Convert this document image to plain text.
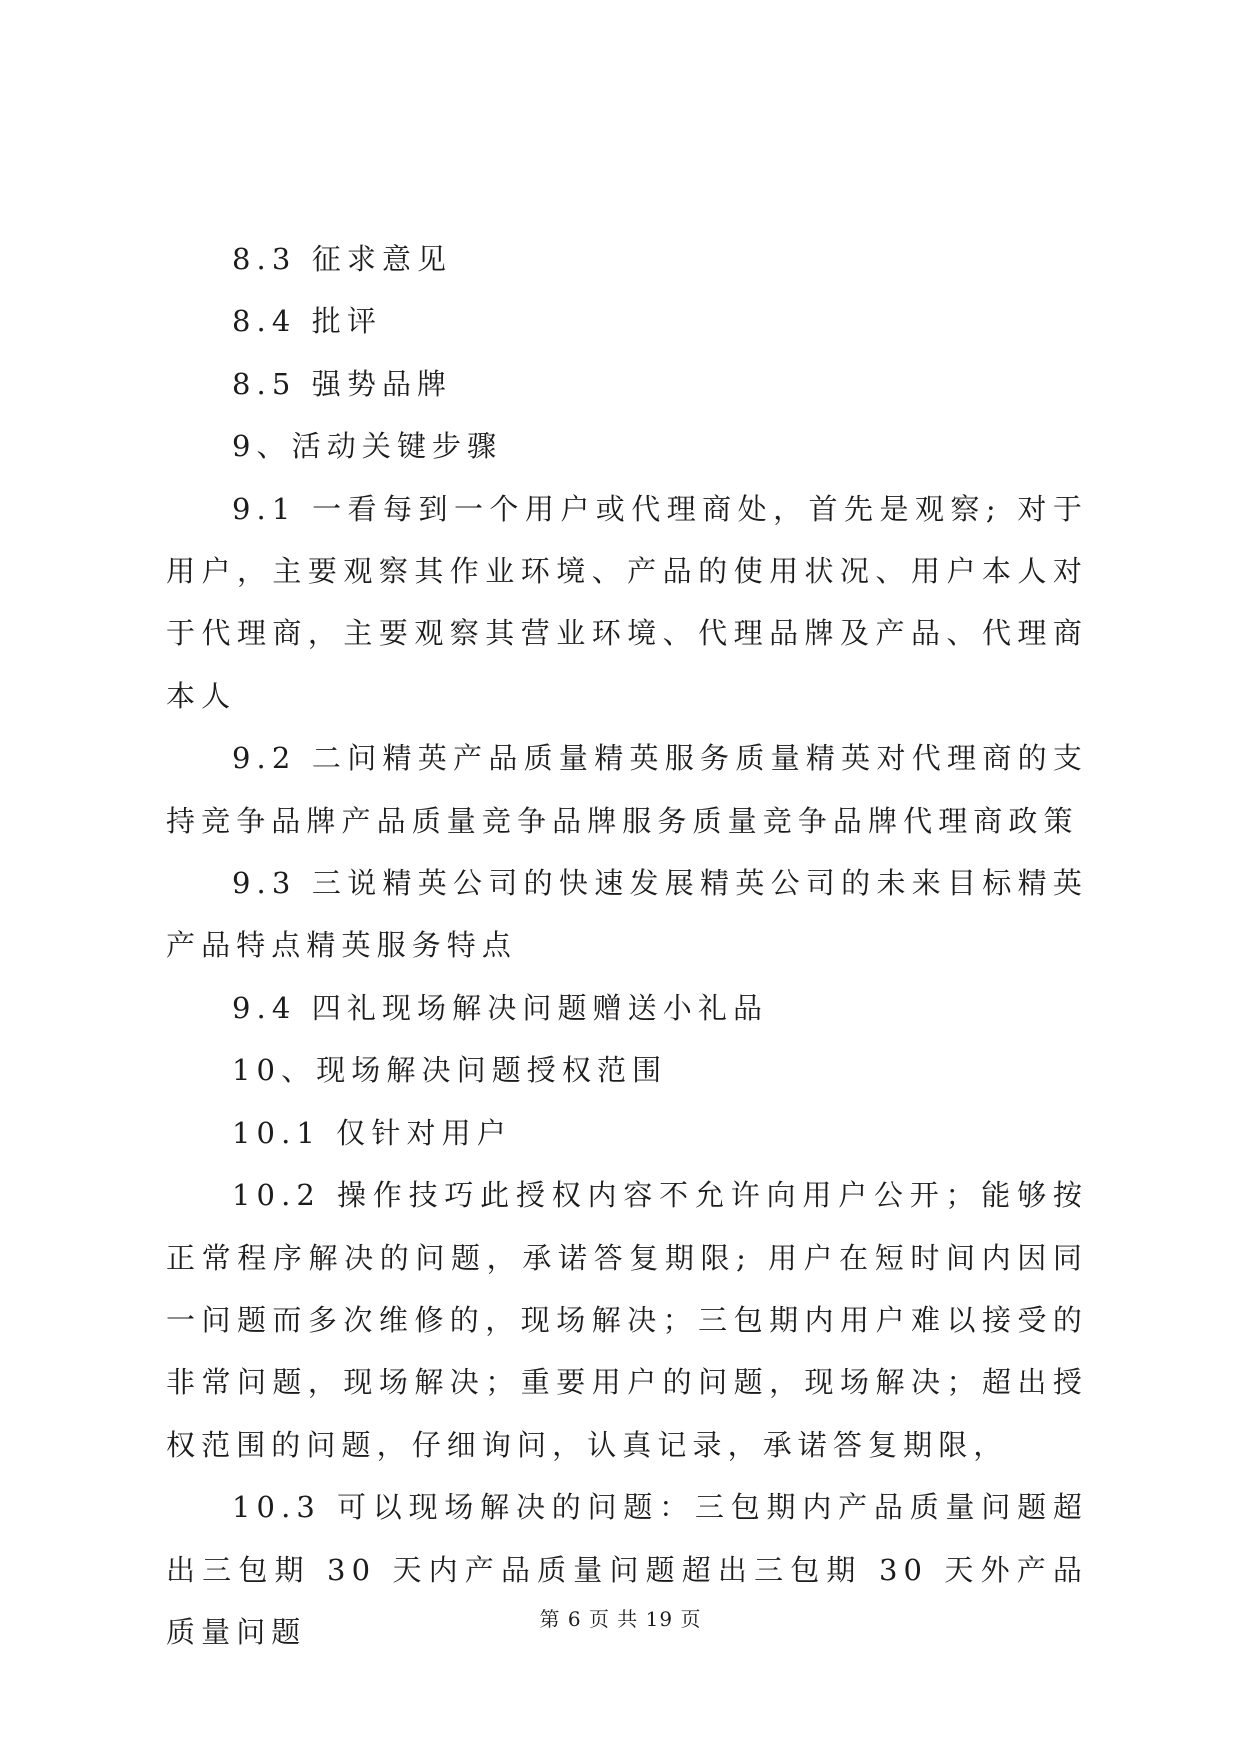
8.3 征求意见

8.4 批评

8.5 强势品牌

9、活动关键步骤

9.1 一看每到一个用户或代理商处，首先是观察; 对于用户，主要观察其作业环境、产品的使用状况、用户本人对于代理商，主要观察其营业环境、代理品牌及产品、代理商本人

9.2 二问精英产品质量精英服务质量精英对代理商的支持竞争品牌产品质量竞争品牌服务质量竞争品牌代理商政策

9.3 三说精英公司的快速发展精英公司的未来目标精英产品特点精英服务特点

9.4 四礼现场解决问题赠送小礼品

10、现场解决问题授权范围

10.1 仅针对用户

10.2 操作技巧此授权内容不允许向用户公开；能够按正常程序解决的问题，承诺答复期限; 用户在短时间内因同一问题而多次维修的，现场解决；三包期内用户难以接受的非常问题，现场解决；重要用户的问题，现场解决；超出授权范围的问题，仔细询问，认真记录，承诺答复期限，

10.3 可以现场解决的问题：三包期内产品质量问题超出三包期 30 天内产品质量问题超出三包期 30 天外产品质量问题	第 6 页 共 19 页
